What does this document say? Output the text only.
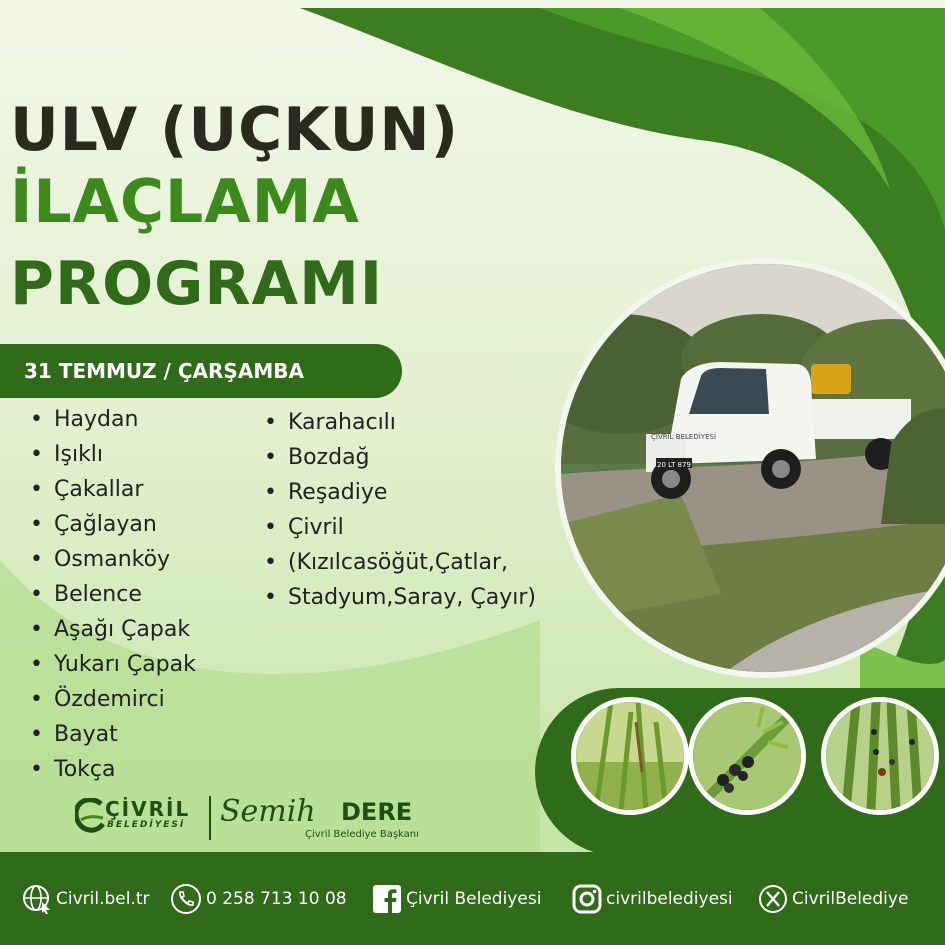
ULV (UÇKUN)
İLAÇLAMA
PROGRAMI
31 TEMMUZ / ÇARŞAMBA
• Haydan
• Işıklı
• Çakallar
• Çağlayan
• Osmanköy
• Belence
• Aşağı Çapak
• Yukarı Çapak
• Özdemirci
• Bayat
• Tokça
• Karahacılı
• Bozdağ
• Reşadiye
• Çivril
• (Kızılcasöğüt,Çatlar,
• Stadyum,Saray, Çayır)
20 LT 879
ÇİVRİL BELEDİYESİ
ÇİVRİL
BELEDİYESİ Semih DERE
Çivril Belediye Başkanı
Civril.bel.tr	0 258 713 10 08	Çivril Belediyesi	civrilbelediyesi	CivrilBelediye
